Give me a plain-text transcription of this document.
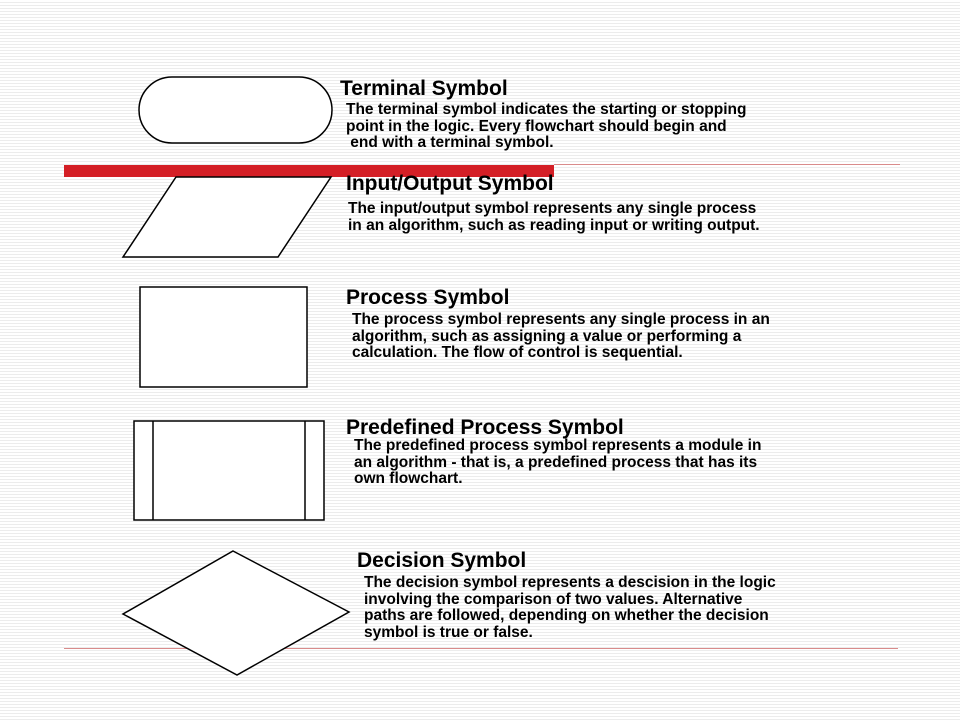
Terminal Symbol

The terminal symbol indicates the starting or stopping
point in the logic. Every flowchart should begin and
end with a terminal symbol.

Input/Output Symbol

The input/output symbol represents any single process
in an algorithm, such as reading input or writing output.

Process Symbol

The process symbol represents any single process in an
algorithm, such as assigning a value or performing a
calculation. The flow of control is sequential.

Predefined Process Symbol

The predefined process symbol represents a module in
an algorithm - that is, a predefined process that has its
own flowchart.

Decision Symbol

The decision symbol represents a descision in the logic
involving the comparison of two values. Alternative
paths are followed, depending on whether the decision
symbol is true or false.
